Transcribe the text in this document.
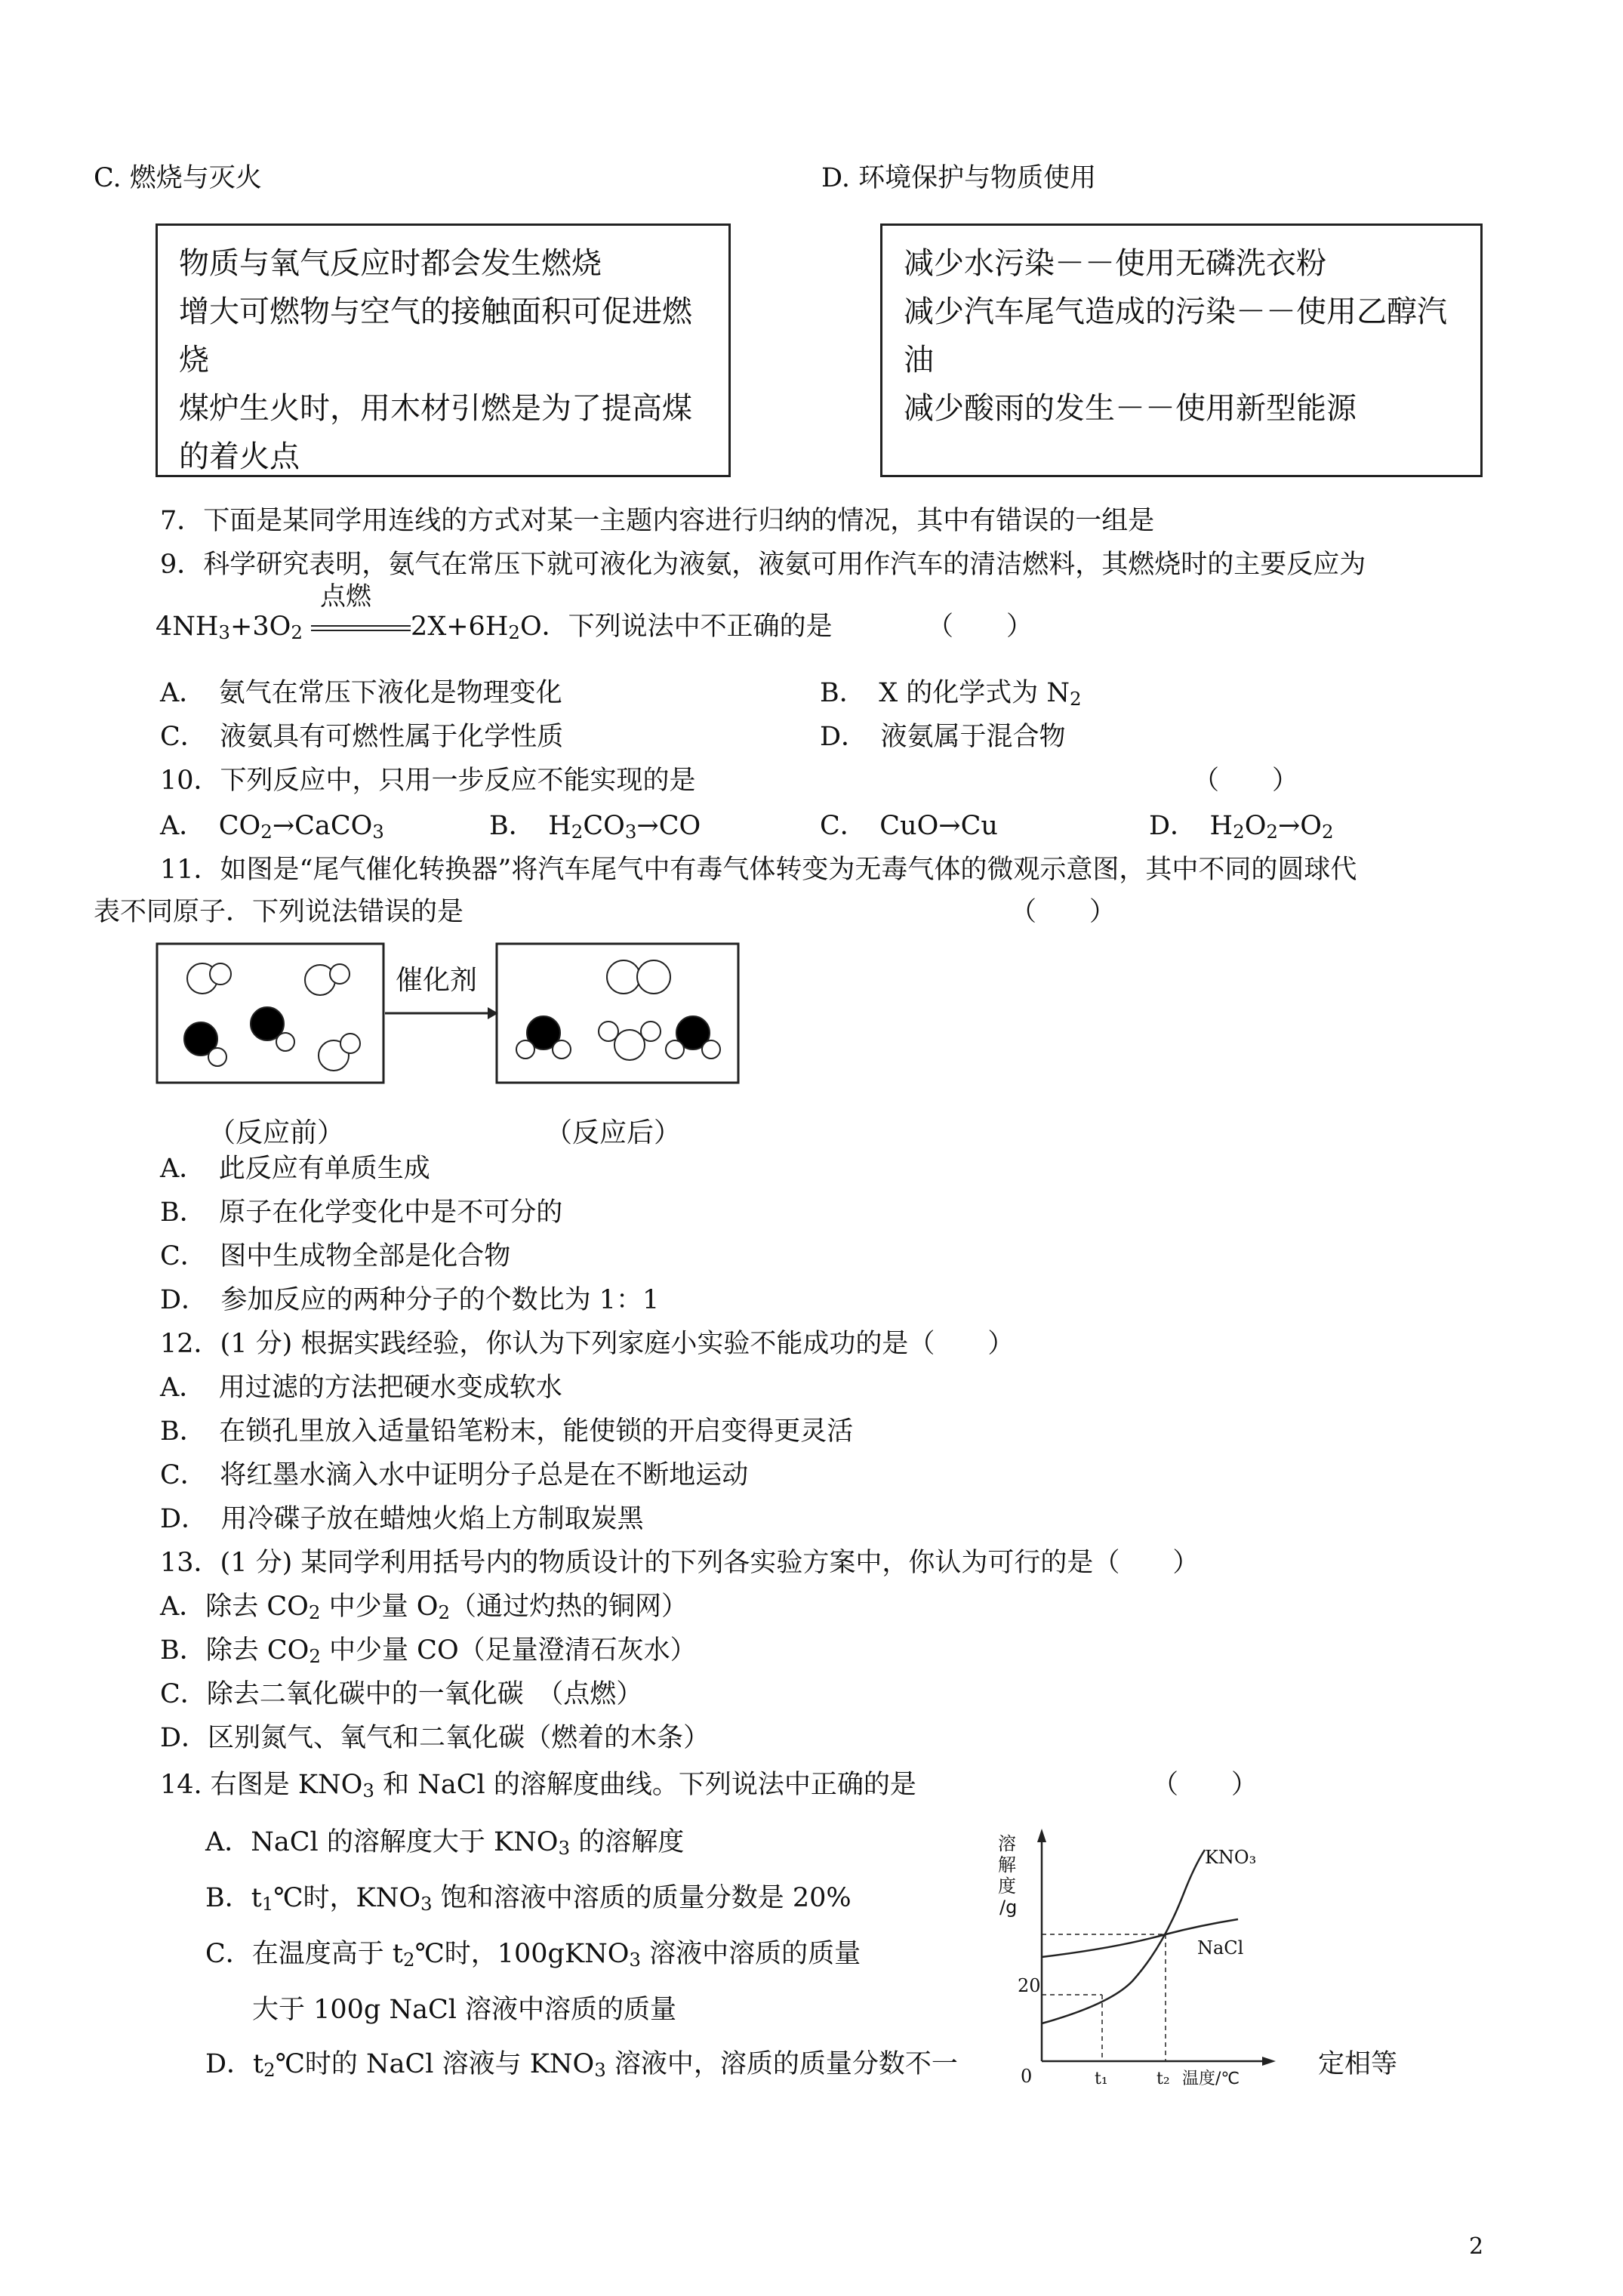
C. 燃烧与灭火	D. 环境保护与物质使用
物质与氧气反应时都会发生燃烧
增大可燃物与空气的接触面积可促进燃烧
煤炉生火时，用木材引燃是为了提高煤的着火点
减少水污染－－使用无磷洗衣粉
减少汽车尾气造成的污染－－使用乙醇汽油
减少酸雨的发生－－使用新型能源
7．下面是某同学用连线的方式对某一主题内容进行归纳的情况，其中有错误的一组是
9．科学研究表明，氨气在常压下就可液化为液氨，液氨可用作汽车的清洁燃料，其燃烧时的主要反应为
4NH3+3O2
点燃
2X+6H2O．下列说法中不正确的是	（　　）
A．　氨气在常压下液化是物理变化	B．　X 的化学式为 N2
C．　液氨具有可燃性属于化学性质	D．　液氨属于混合物
10．下列反应中，只用一步反应不能实现的是	（　　）
A．　CO2→CaCO3	B．　H2CO3→CO	C．　CuO→Cu	D．　H2O2→O2
11．如图是“尾气催化转换器”将汽车尾气中有毒气体转变为无毒气体的微观示意图，其中不同的圆球代
表不同原子．下列说法错误的是	（　　）
催化剂
（反应前）	（反应后）
A．　此反应有单质生成
B．　原子在化学变化中是不可分的
C．　图中生成物全部是化合物
D．　参加反应的两种分子的个数比为 1：1
12．(1 分) 根据实践经验，你认为下列家庭小实验不能成功的是（　　）
A．　用过滤的方法把硬水变成软水
B．　在锁孔里放入适量铅笔粉末，能使锁的开启变得更灵活
C．　将红墨水滴入水中证明分子总是在不断地运动
D．　用冷碟子放在蜡烛火焰上方制取炭黑
13．(1 分) 某同学利用括号内的物质设计的下列各实验方案中，你认为可行的是（　　）
A．除去 CO2 中少量 O2（通过灼热的铜网）
B．除去 CO2 中少量 CO（足量澄清石灰水）
C．除去二氧化碳中的一氧化碳　（点燃）
D．区别氮气、氧气和二氧化碳（燃着的木条）
14. 右图是 KNO3 和 NaCl 的溶解度曲线。下列说法中正确的是	（　　）
A．NaCl 的溶解度大于 KNO3 的溶解度
B．t1℃时，KNO3 饱和溶液中溶质的质量分数是 20%
C．在温度高于 t2℃时，100gKNO3 溶液中溶质的质量
大于 100g NaCl 溶液中溶质的质量
D．t2℃时的 NaCl 溶液与 KNO3 溶液中，溶质的质量分数不一	定相等
溶
解
度
/g
20
0	t₁	t₂ 温度/℃
KNO₃
NaCl
2
